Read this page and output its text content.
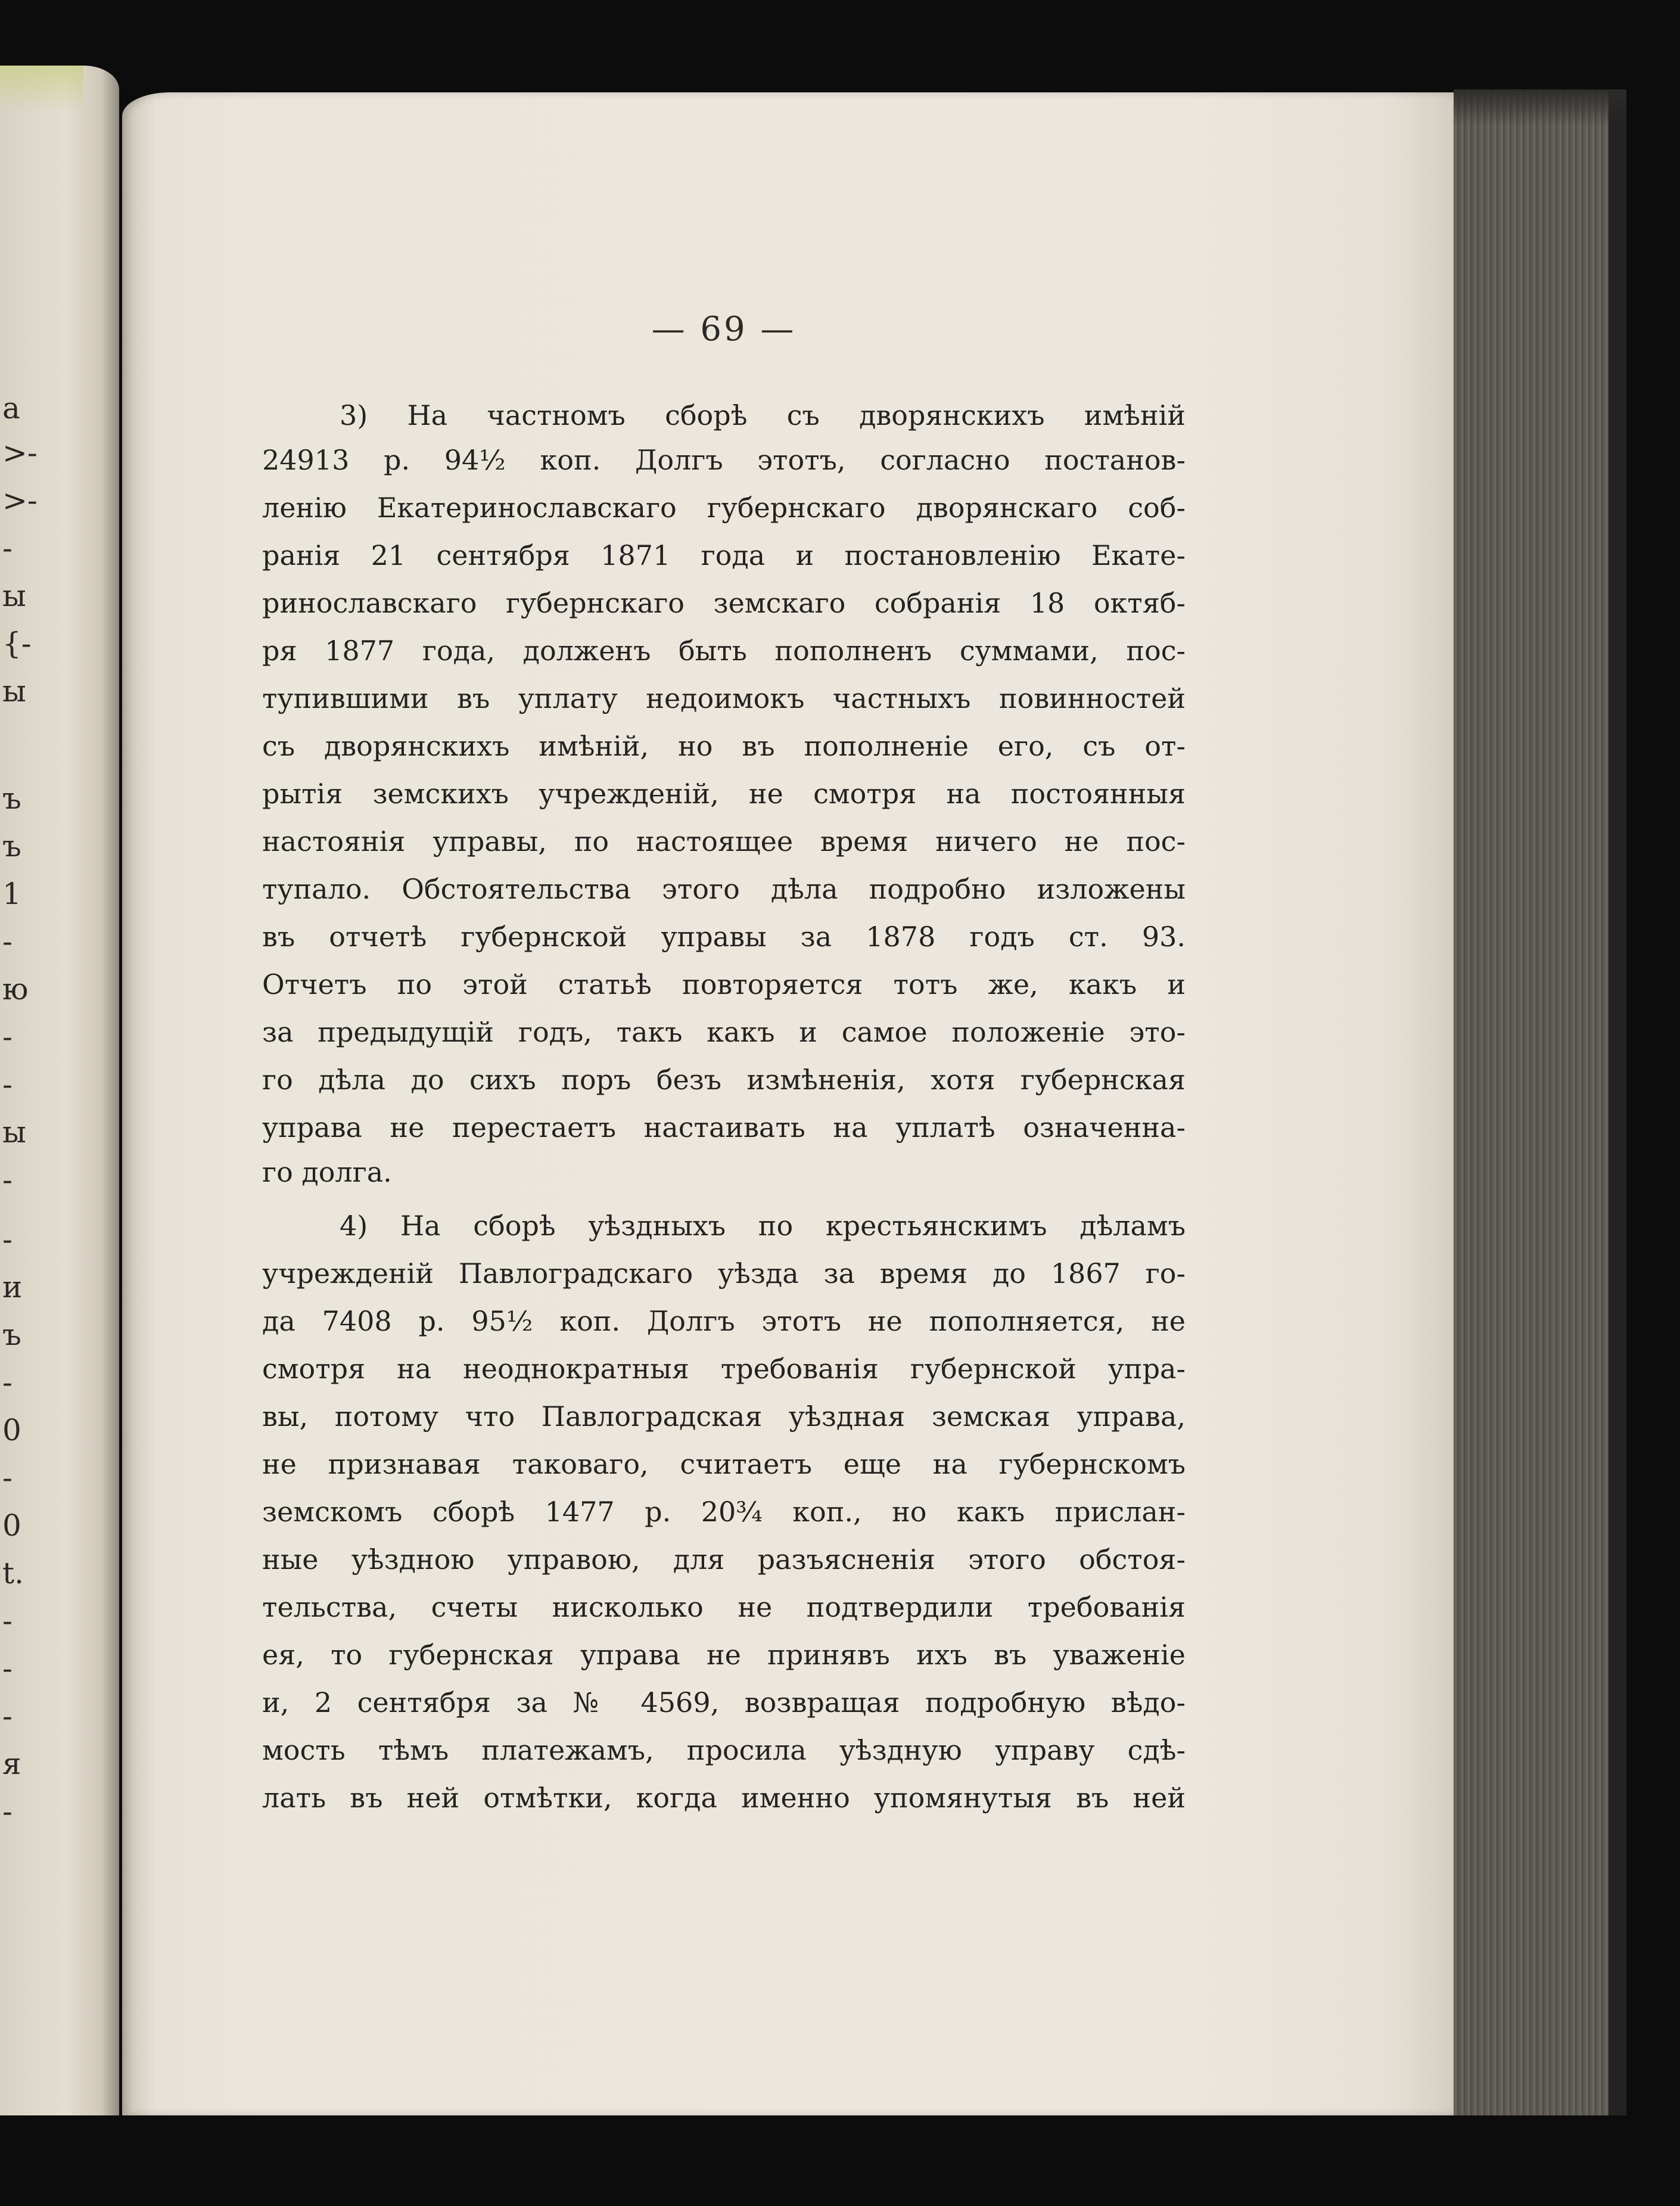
а
>-
>-
-
ы
{-
ы
ъ
ъ
1
-
ю
-
-
ы
-
-
и
ъ
-
0
-
0
t.
-
-
-
я
-
— 69 —
3) На частномъ сборѣ съ дворянскихъ имѣній
24913 р. 94½ коп. Долгъ этотъ, согласно постанов-
ленію Екатеринославскаго губернскаго дворянскаго соб-
ранія 21 сентября 1871 года и постановленію Екате-
ринославскаго губернскаго земскаго собранія 18 октяб-
ря 1877 года, долженъ быть пополненъ суммами, пос-
тупившими въ уплату недоимокъ частныхъ повинностей
съ дворянскихъ имѣній, но въ пополненіе его, съ от-
рытія земскихъ учрежденій, не смотря на постоянныя
настоянія управы, по настоящее время ничего не пос-
тупало. Обстоятельства этого дѣла подробно изложены
въ отчетѣ губернской управы за 1878 годъ ст. 93.
Отчетъ по этой статьѣ повторяется тотъ же, какъ и
за предыдущій годъ, такъ какъ и самое положеніе это-
го дѣла до сихъ поръ безъ измѣненія, хотя губернская
управа не перестаетъ настаивать на уплатѣ означенна-
го долга.
4) На сборѣ уѣздныхъ по крестьянскимъ дѣламъ
учрежденій Павлоградскаго уѣзда за время до 1867 го-
да 7408 р. 95½ коп. Долгъ этотъ не пополняется, не
смотря на неоднократныя требованія губернской упра-
вы, потому что Павлоградская уѣздная земская управа,
не признавая таковаго, считаетъ еще на губернскомъ
земскомъ сборѣ 1477 р. 20¾ коп., но какъ прислан-
ные уѣздною управою, для разъясненія этого обстоя-
тельства, счеты нисколько не подтвердили требованія
ея, то губернская управа не принявъ ихъ въ уваженіе
и, 2 сентября за № 4569, возвращая подробную вѣдо-
мость тѣмъ платежамъ, просила уѣздную управу сдѣ-
лать въ ней отмѣтки, когда именно упомянутыя въ ней
